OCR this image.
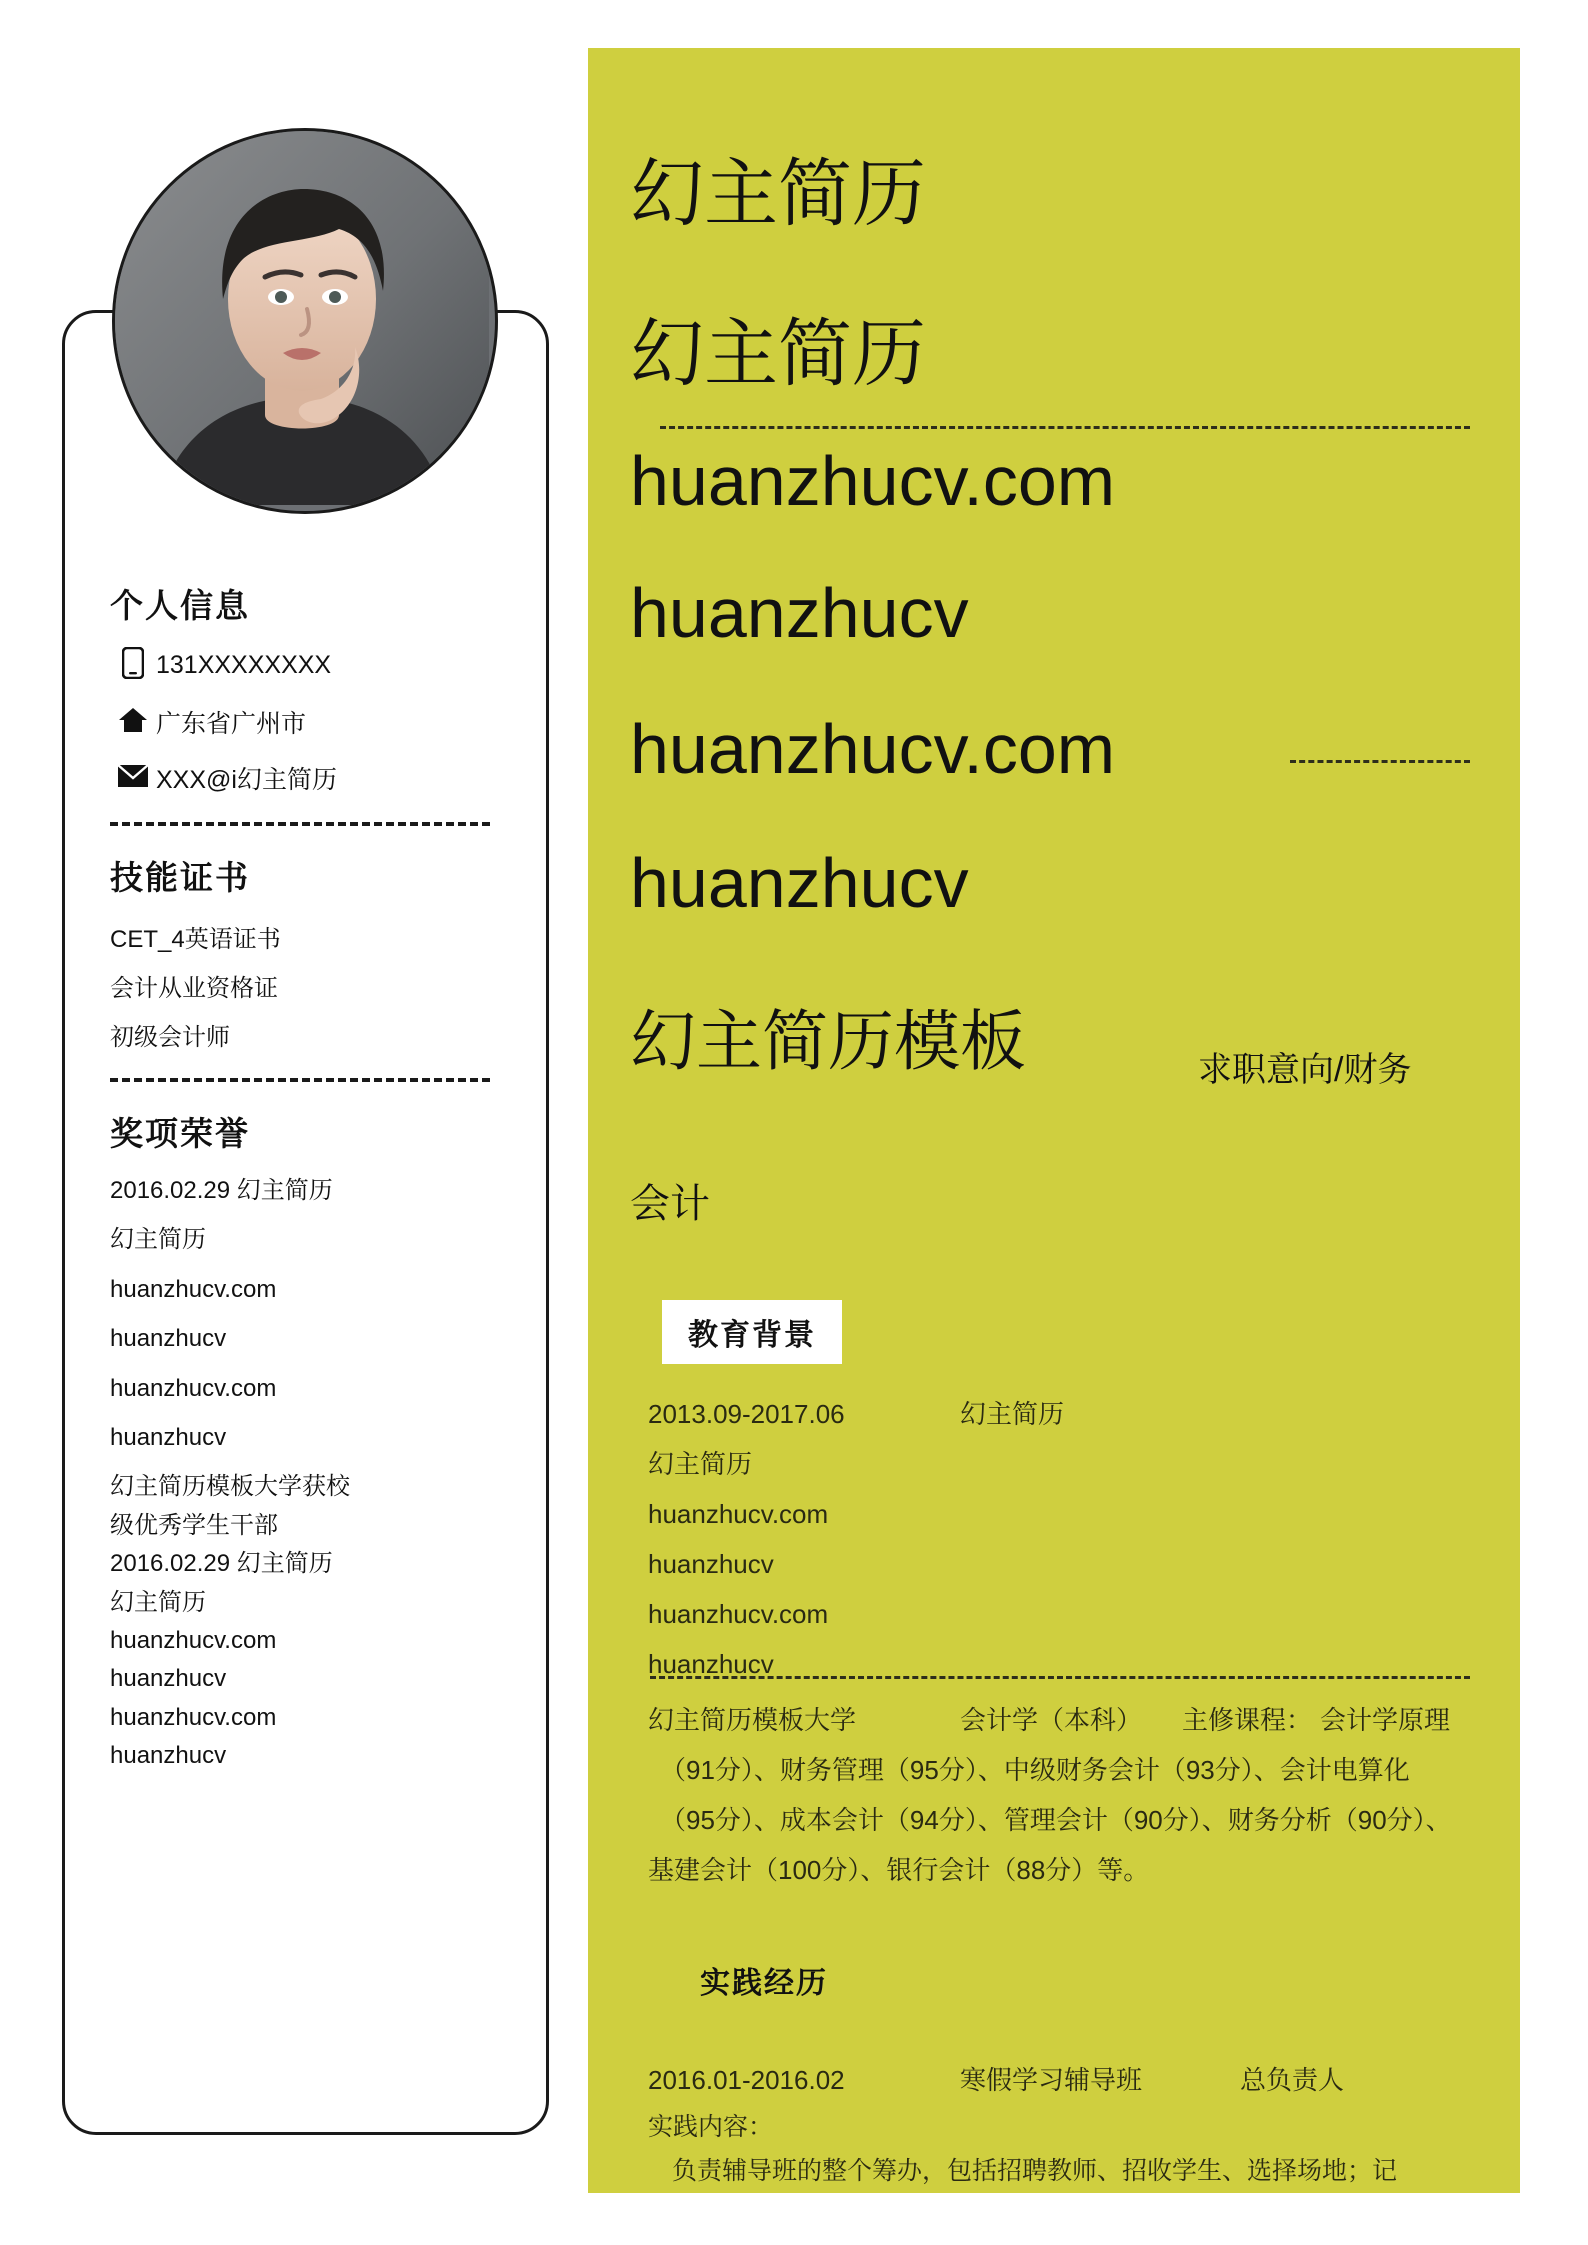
幻主简历
幻主简历
huanzhucv.com
huanzhucv
huanzhucv.com
huanzhucv
幻主简历模板	求职意向/财务
会计
教育背景
2013.09-2017.06	幻主简历
幻主简历
huanzhucv.com
huanzhucv
huanzhucv.com
huanzhucv
幻主简历模板大学	会计学（本科） 主修课程： 会计学原理
（91分）、财务管理（95分）、中级财务会计（93分）、会计电算化
（95分）、成本会计（94分）、管理会计（90分）、财务分析（90分）、
基建会计（100分）、银行会计（88分）等。
实践经历
2016.01-2016.02	寒假学习辅导班	总负责人
实践内容：
负责辅导班的整个筹办，包括招聘教师、招收学生、选择场地；记
个人信息
131XXXXXXXX
广东省广州市
XXX@i幻主简历
技能证书
CET_4英语证书
会计从业资格证
初级会计师
奖项荣誉
2016.02.29 幻主简历
幻主简历
huanzhucv.com
huanzhucv
huanzhucv.com
huanzhucv
幻主简历模板大学获校
级优秀学生干部
2016.02.29 幻主简历
幻主简历
huanzhucv.com
huanzhucv
huanzhucv.com
huanzhucv
